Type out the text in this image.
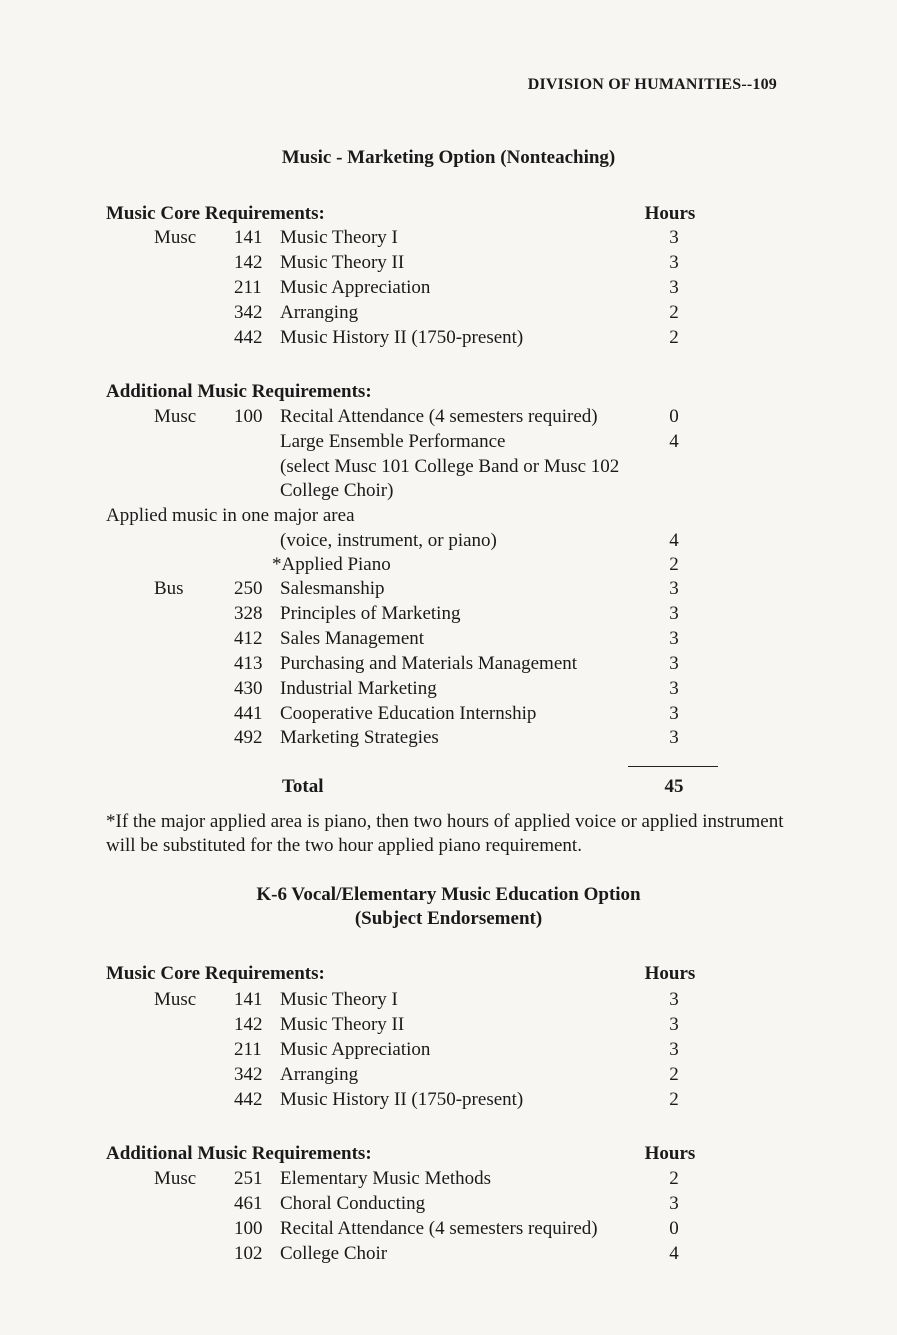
DIVISION OF HUMANITIES--109
Music - Marketing Option (Nonteaching)
Music Core Requirements:	Hours
Musc 141 Music Theory I	3
142 Music Theory II	3
211 Music Appreciation	3
342 Arranging	2
442 Music History II (1750-present)	2
Additional Music Requirements:
Musc 100 Recital Attendance (4 semesters required)	0
Large Ensemble Performance	4
(select Musc 101 College Band or Musc 102
College Choir)
Applied music in one major area
(voice, instrument, or piano)	4
*Applied Piano	2
Bus	250 Salesmanship	3
328 Principles of Marketing	3
412 Sales Management	3
413 Purchasing and Materials Management	3
430 Industrial Marketing	3
441 Cooperative Education Internship	3
492 Marketing Strategies	3
Total	45
*If the major applied area is piano, then two hours of applied voice or applied instrument will be substituted for the two hour applied piano requirement.
K-6 Vocal/Elementary Music Education Option
(Subject Endorsement)
Music Core Requirements:	Hours
Musc 141 Music Theory I	3
142 Music Theory II	3
211 Music Appreciation	3
342 Arranging	2
442 Music History II (1750-present)	2
Additional Music Requirements:	Hours
Musc 251 Elementary Music Methods	2
461 Choral Conducting	3
100 Recital Attendance (4 semesters required)	0
102 College Choir	4
